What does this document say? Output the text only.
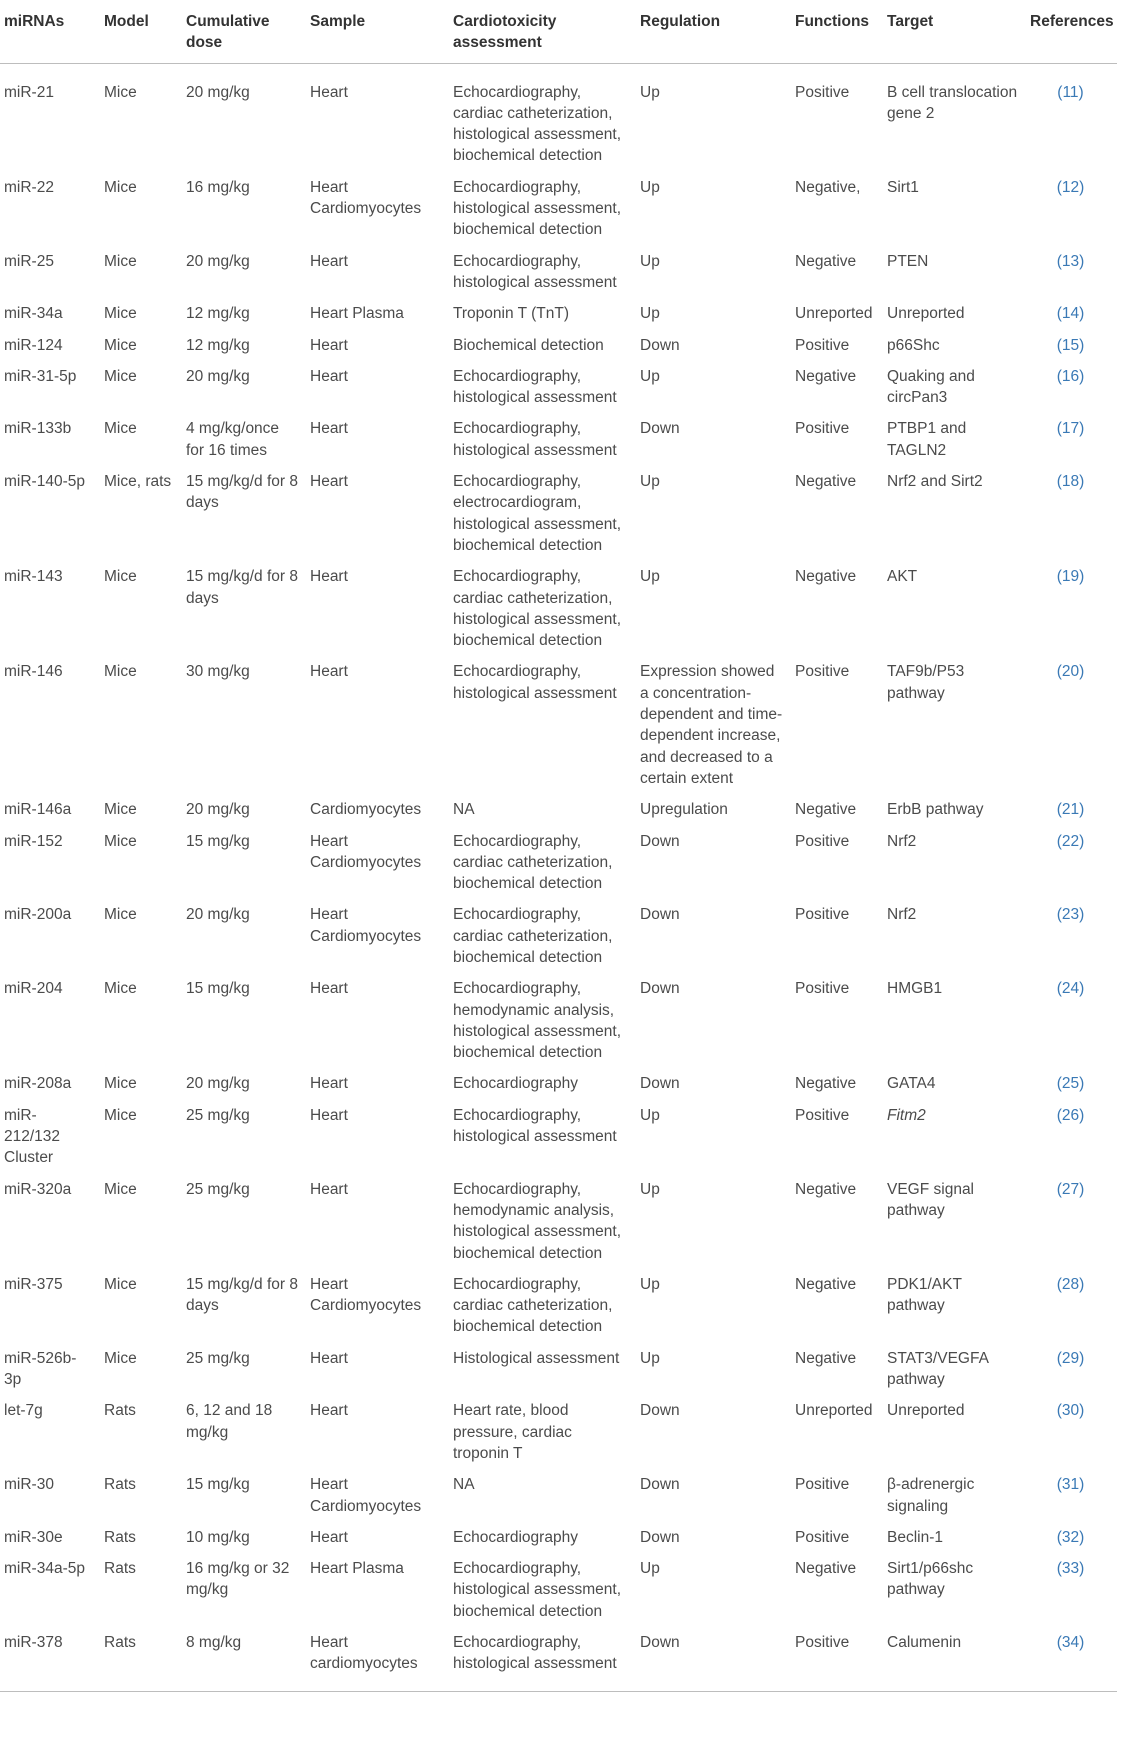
miRNAs	Model	Cumulative dose	Sample	Cardiotoxicity assessment	Regulation	Functions	Target	References
miR-21	Mice	20 mg/kg	Heart	Echocardiography, cardiac catheterization, histological assessment, biochemical detection	Up	Positive	B cell translocation gene 2	(11)
miR-22	Mice	16 mg/kg	Heart Cardiomyocytes	Echocardiography, histological assessment, biochemical detection	Up	Negative,	Sirt1	(12)
miR-25	Mice	20 mg/kg	Heart	Echocardiography, histological assessment	Up	Negative	PTEN	(13)
miR-34a	Mice	12 mg/kg	Heart Plasma	Troponin T (TnT)	Up	Unreported	Unreported	(14)
miR-124	Mice	12 mg/kg	Heart	Biochemical detection	Down	Positive	p66Shc	(15)
miR-31-5p	Mice	20 mg/kg	Heart	Echocardiography, histological assessment	Up	Negative	Quaking and circPan3	(16)
miR-133b	Mice	4 mg/kg/once for 16 times	Heart	Echocardiography, histological assessment	Down	Positive	PTBP1 and TAGLN2	(17)
miR-140-5p	Mice, rats	15 mg/kg/d for 8 days	Heart	Echocardiography, electrocardiogram, histological assessment, biochemical detection	Up	Negative	Nrf2 and Sirt2	(18)
miR-143	Mice	15 mg/kg/d for 8 days	Heart	Echocardiography, cardiac catheterization, histological assessment, biochemical detection	Up	Negative	AKT	(19)
miR-146	Mice	30 mg/kg	Heart	Echocardiography, histological assessment	Expression showed a concentration-dependent and time-dependent increase, and decreased to a certain extent	Positive	TAF9b/P53 pathway	(20)
miR-146a	Mice	20 mg/kg	Cardiomyocytes	NA	Upregulation	Negative	ErbB pathway	(21)
miR-152	Mice	15 mg/kg	Heart Cardiomyocytes	Echocardiography, cardiac catheterization, biochemical detection	Down	Positive	Nrf2	(22)
miR-200a	Mice	20 mg/kg	Heart Cardiomyocytes	Echocardiography, cardiac catheterization, biochemical detection	Down	Positive	Nrf2	(23)
miR-204	Mice	15 mg/kg	Heart	Echocardiography, hemodynamic analysis, histological assessment, biochemical detection	Down	Positive	HMGB1	(24)
miR-208a	Mice	20 mg/kg	Heart	Echocardiography	Down	Negative	GATA4	(25)
miR-212/132 Cluster	Mice	25 mg/kg	Heart	Echocardiography, histological assessment	Up	Positive	Fitm2	(26)
miR-320a	Mice	25 mg/kg	Heart	Echocardiography, hemodynamic analysis, histological assessment, biochemical detection	Up	Negative	VEGF signal pathway	(27)
miR-375	Mice	15 mg/kg/d for 8 days	Heart Cardiomyocytes	Echocardiography, cardiac catheterization, biochemical detection	Up	Negative	PDK1/AKT pathway	(28)
miR-526b-3p	Mice	25 mg/kg	Heart	Histological assessment	Up	Negative	STAT3/VEGFA pathway	(29)
let-7g	Rats	6, 12 and 18 mg/kg	Heart	Heart rate, blood pressure, cardiac troponin T	Down	Unreported	Unreported	(30)
miR-30	Rats	15 mg/kg	Heart Cardiomyocytes	NA	Down	Positive	β-adrenergic signaling	(31)
miR-30e	Rats	10 mg/kg	Heart	Echocardiography	Down	Positive	Beclin-1	(32)
miR-34a-5p	Rats	16 mg/kg or 32 mg/kg	Heart Plasma	Echocardiography, histological assessment, biochemical detection	Up	Negative	Sirt1/p66shc pathway	(33)
miR-378	Rats	8 mg/kg	Heart cardiomyocytes	Echocardiography, histological assessment	Down	Positive	Calumenin	(34)
